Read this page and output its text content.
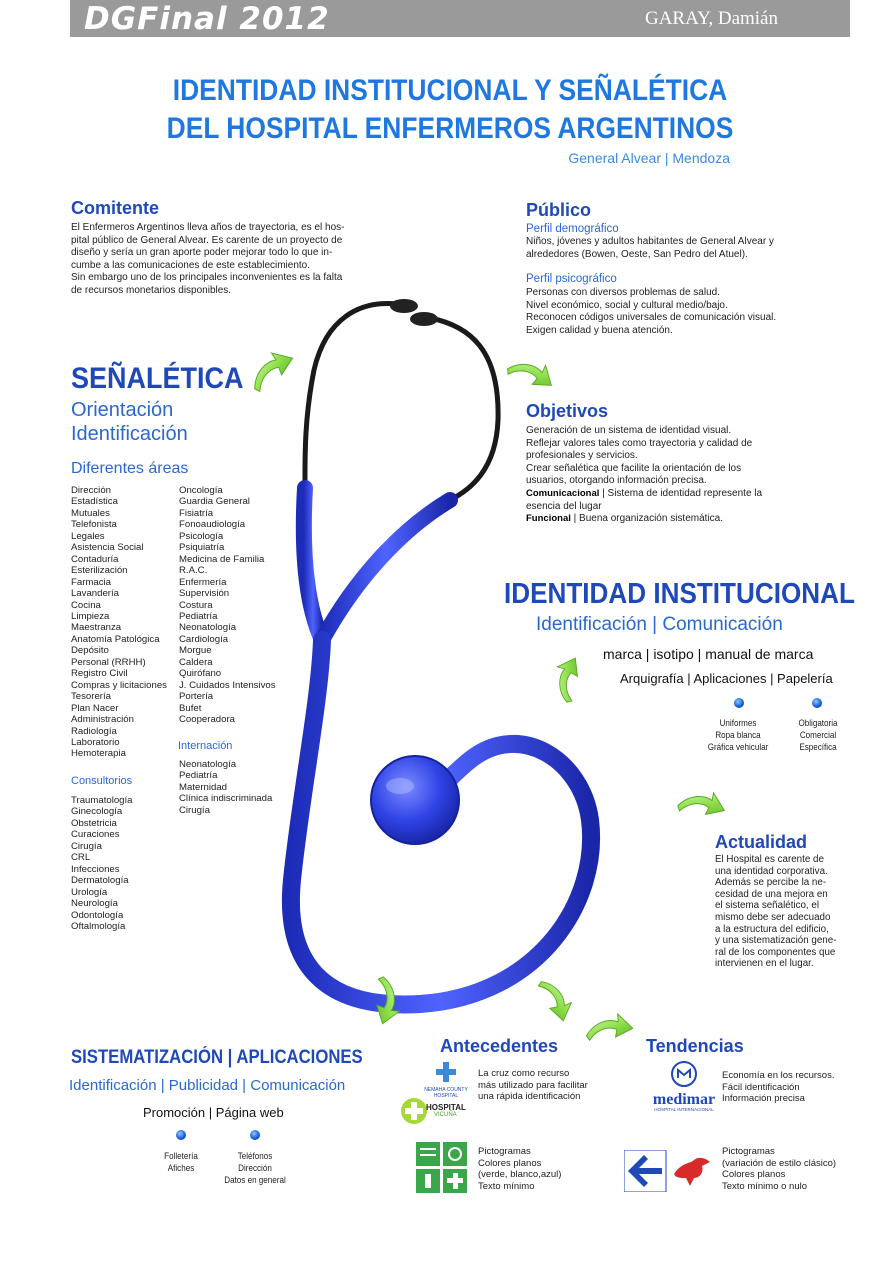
DGFinal 2012	GARAY, Damián
IDENTIDAD INSTITUCIONAL Y SEÑALÉTICA
DEL HOSPITAL ENFERMEROS ARGENTINOS
General Alvear | Mendoza
Comitente
El Enfermeros Argentinos lleva años de trayectoria, es el hos-
pital público de General Alvear. Es carente de un proyecto de
diseño y sería un gran aporte poder mejorar todo lo que in-
cumbe a las comunicaciones de este establecimiento.
Sin embargo uno de los principales inconvenientes es la falta
de recursos monetarios disponibles.
Público
Perfil demográfico
Niños, jóvenes y adultos habitantes de General Alvear y
alrededores (Bowen, Oeste, San Pedro del Atuel).
Perfil psicográfico
Personas con diversos problemas de salud.
Nivel económico, social y cultural medio/bajo.
Reconocen códigos universales de comunicación visual.
Exigen calidad y buena atención.
SEÑALÉTICA
Orientación
Identificación
Diferentes áreas
Dirección
Estadística
Mutuales
Telefonista
Legales
Asistencia Social
Contaduría
Esterilización
Farmacia
Lavandería
Cocina
Limpieza
Maestranza
Anatomía Patológica
Depósito
Personal (RRHH)
Registro Civil
Compras y licitaciones
Tesorería
Plan Nacer
Administración
Radiología
Laboratorio
Hemoterapia
Oncología
Guardia General
Fisiatría
Fonoaudiología
Psicología
Psiquiatría
Medicina de Familia
R.A.C.
Enfermería
Supervisión
Costura
Pediatría
Neonatología
Cardiología
Morgue
Caldera
Quirófano
J. Cuidados Intensivos
Portería
Bufet
Cooperadora
Internación
Neonatología
Pediatría
Maternidad
Clínica indiscriminada
Cirugía
Consultorios
Traumatología
Ginecología
Obstetricia
Curaciones
Cirugía
CRL
Infecciones
Dermatología
Urología
Neurología
Odontología
Oftalmología
Objetivos
Generación de un sistema de identidad visual.
Reflejar valores tales como trayectoria y calidad de
profesionales y servicios.
Crear señalética que facilite la orientación de los
usuarios, otorgando información precisa.
Comunicacional | Sistema de identidad represente la
esencia del lugar
Funcional | Buena organización sistemática.
IDENTIDAD INSTITUCIONAL
Identificación | Comunicación
marca | isotipo | manual de marca
Arquigrafía | Aplicaciones | Papelería
Uniformes
Ropa blanca
Gráfica vehicular
Obligatoria
Comercial
Específica
Actualidad
El Hospital es carente de
una identidad corporativa.
Además se percibe la ne-
cesidad de una mejora en
el sistema señalético, el
mismo debe ser adecuado
a la estructura del edificio,
y una sistematización gene-
ral de los componentes que
intervienen en el lugar.
SISTEMATIZACIÓN | APLICACIONES
Identificación | Publicidad | Comunicación
Promoción | Página web
Folletería
Afiches
Teléfonos
Dirección
Datos en general
Antecedentes
NEMAHA COUNTY HOSPITAL
HOSPITAL
VICUÑA
La cruz como recurso
más utilizado para facilitar
una rápida identificación
Pictogramas
Colores planos
(verde, blanco,azul)
Texto mínimo
Tendencias
medimar
HOSPITAL INTERNACIONAL
Economía en los recursos.
Fácil identificación
Información precisa
Pictogramas
(variación de estilo clásico)
Colores planos
Texto mínimo o nulo
